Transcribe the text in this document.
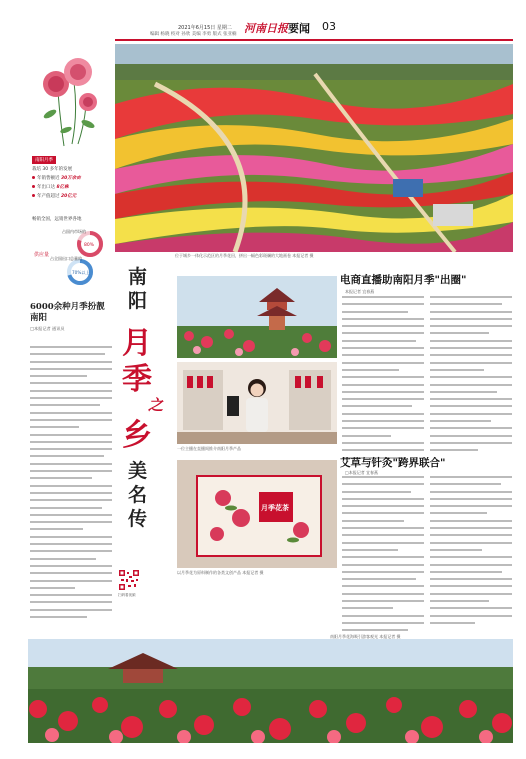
2021年6月15日 星期二
编辑 杨晓 校对 孙欣 美编 李勇 版式 张亚楠 河南日报 要闻 03
南阳月季
栽培 30 多年的发展
年销售额近 30万余亩
年出口达 8亿株
年产值超过 20亿元
畅销全国，远销世界各地
供应量
占国内市场的
80%
占全国出口总量的
70%以上
位于城乡一体化示范区的月季花田，拼出一幅色彩斑斓的大地画卷 本报记者 摄
南
阳
月
季
之
乡
美
名
传
6000余种月季扮靓南阳
□本报记者 通讯员
扫码看视频
一位主播在直播间推介南阳月季产品
月季花茶
以月季花为原料制作的各类文创产品 本报记者 摄
电商直播助南阳月季"出圈"
本报记者 宜春燕
艾草与针灸"跨界联合"
□本报记者 宜春燕
南阳月季花海吸引游客观光 本报记者 摄
